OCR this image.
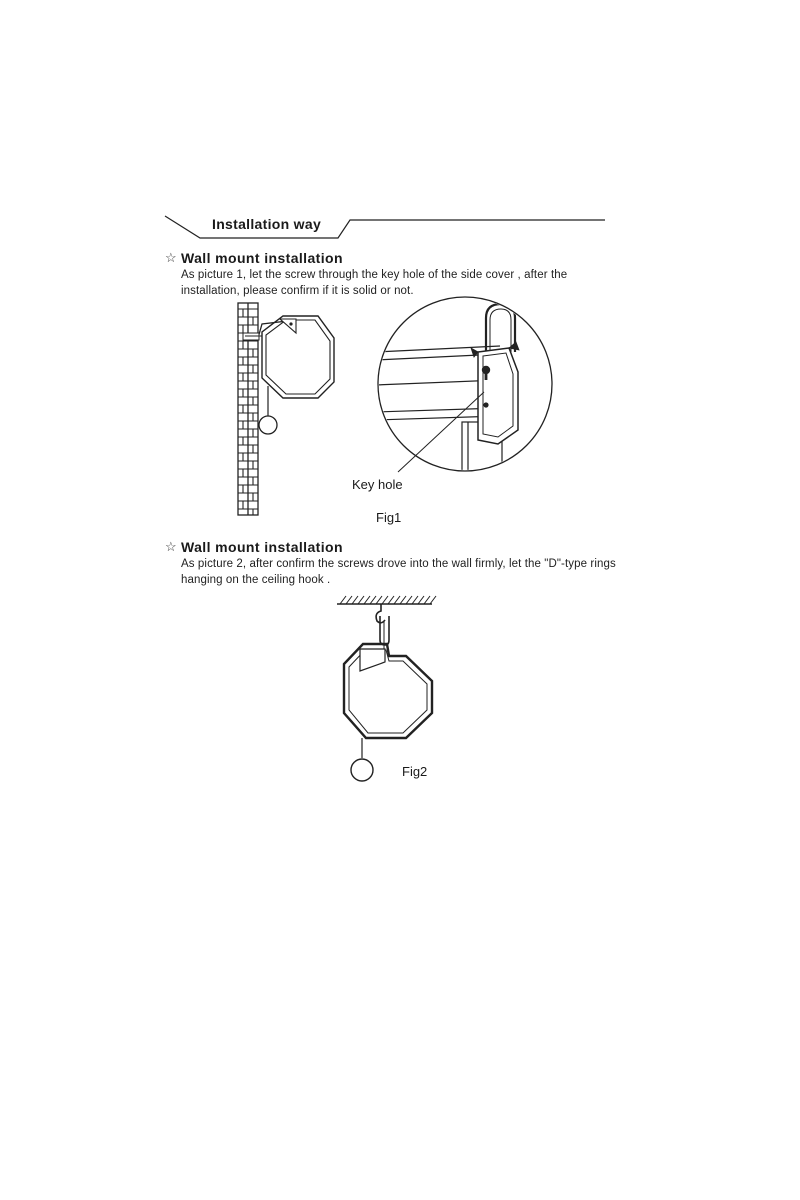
Installation way
☆ Wall mount installation
As picture 1, let the screw through the key hole of the side cover , after the installation, please confirm if it is solid or not.
Key hole
Fig1
☆ Wall mount installation
As picture 2, after confirm the screws drove into the wall firmly, let the "D"-type rings hanging on the ceiling hook .
Fig2
